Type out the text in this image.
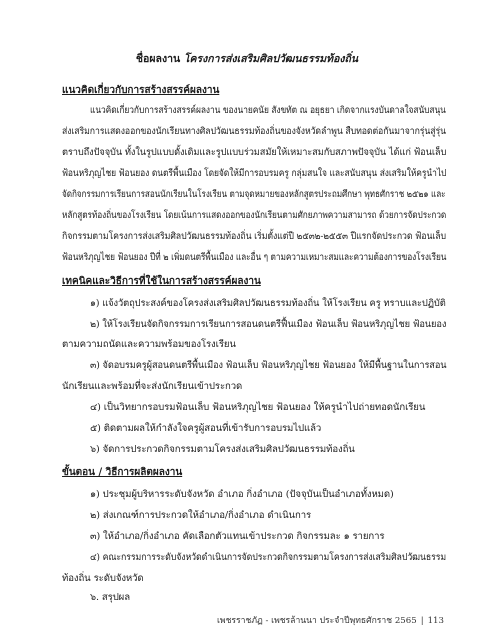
ชื่อผลงาน โครงการส่งเสริมศิลปวัฒนธรรมท้องถิ่น
แนวคิดเกี่ยวกับการสร้างสรรค์ผลงาน
แนวคิดเกี่ยวกับการสร้างสรรค์ผลงาน ของนายคนัย สังขทัต ณ อยุธยา เกิดจากแรงบันดาลใจสนับสนุน
ส่งเสริมการแสดงออกของนักเรียนทางศิลปวัฒนธรรมท้องถิ่นของจังหวัดลำพูน สืบทอดต่อกันมาจากรุ่นสู่รุ่น
ตราบถึงปัจจุบัน ทั้งในรูปแบบดั้งเดิมและรูปแบบร่วมสมัยให้เหมาะสมกับสภาพปัจจุบัน ได้แก่ ฟ้อนเล็บ
ฟ้อนหริภุญไชย ฟ้อนยอง ดนตรีพื้นเมือง โดยจัดให้มีการอบรมครู กลุ่มสนใจ และสนับสนุน ส่งเสริมให้ครูนำไป
จัดกิจกรรมการเรียนการสอนนักเรียนในโรงเรียน ตามจุดหมายของหลักสูตรประถมศึกษา พุทธศักราช ๒๕๒๑ และ
หลักสูตรท้องถิ่นของโรงเรียน โดยเน้นการแสดงออกของนักเรียนตามศักยภาพความสามารถ ด้วยการจัดประกวด
กิจกรรมตามโครงการส่งเสริมศิลปวัฒนธรรมท้องถิ่น เริ่มตั้งแต่ปี ๒๕๓๒-๒๕๕๓ ปีแรกจัดประกวด ฟ้อนเล็บ
ฟ้อนหริภุญไชย ฟ้อนยอง ปีที่ ๒ เพิ่มดนตรีพื้นเมือง และอื่น ๆ ตามความเหมาะสมและความต้องการของโรงเรียน
เทคนิคและวิธีการที่ใช้ในการสร้างสรรค์ผลงาน
๑) แจ้งวัตถุประสงค์ของโครงส่งเสริมศิลปวัฒนธรรมท้องถิ่น ให้โรงเรียน ครู ทราบและปฏิบัติ
๒) ให้โรงเรียนจัดกิจกรรมการเรียนการสอนดนตรีฟื้นเมือง ฟ้อนเล็บ ฟ้อนหริภุญไชย ฟ้อนยอง
ตามความถนัดและความพร้อมของโรงเรียน
๓) จัดอบรมครูผู้สอนดนตรีพื้นเมือง ฟ้อนเล็บ ฟ้อนหริภุญไชย ฟ้อนยอง ให้มีพื้นฐานในการสอน
นักเรียนและพร้อมที่จะส่งนักเรียนเข้าประกวด
๔) เป็นวิทยากรอบรมฟ้อนเล็บ ฟ้อนหริภุญไชย ฟ้อนยอง ให้ครูนำไปถ่ายทอดนักเรียน
๕) ติดตามผลให้กำลังใจครูผู้สอนที่เข้ารับการอบรมไปแล้ว
๖) จัดการประกวดกิจกรรมตามโครงส่งเสริมศิลปวัฒนธรรมท้องถิ่น
ขั้นตอน / วิธีการผลิตผลงาน
๑) ประชุมผู้บริหารระดับจังหวัด อำเภอ กิ่งอำเภอ (ปัจจุบันเป็นอำเภอทั้งหมด)
๒) ส่งเกณฑ์การประกวดให้อำเภอ/กิ่งอำเภอ ดำเนินการ
๓) ให้อำเภอ/กิ่งอำเภอ คัดเลือกตัวแทนเข้าประกวด กิจกรรมละ ๑ รายการ
๔) คณะกรรมการระดับจังหวัดดำเนินการจัดประกวดกิจกรรมตามโครงการส่งเสริมศิลปวัฒนธรรม
ท้องถิ่น ระดับจังหวัด
๖. สรุปผล
เพชรราชภัฏ - เพชรล้านนา ประจำปีพุทธศักราช 2565 | 113
